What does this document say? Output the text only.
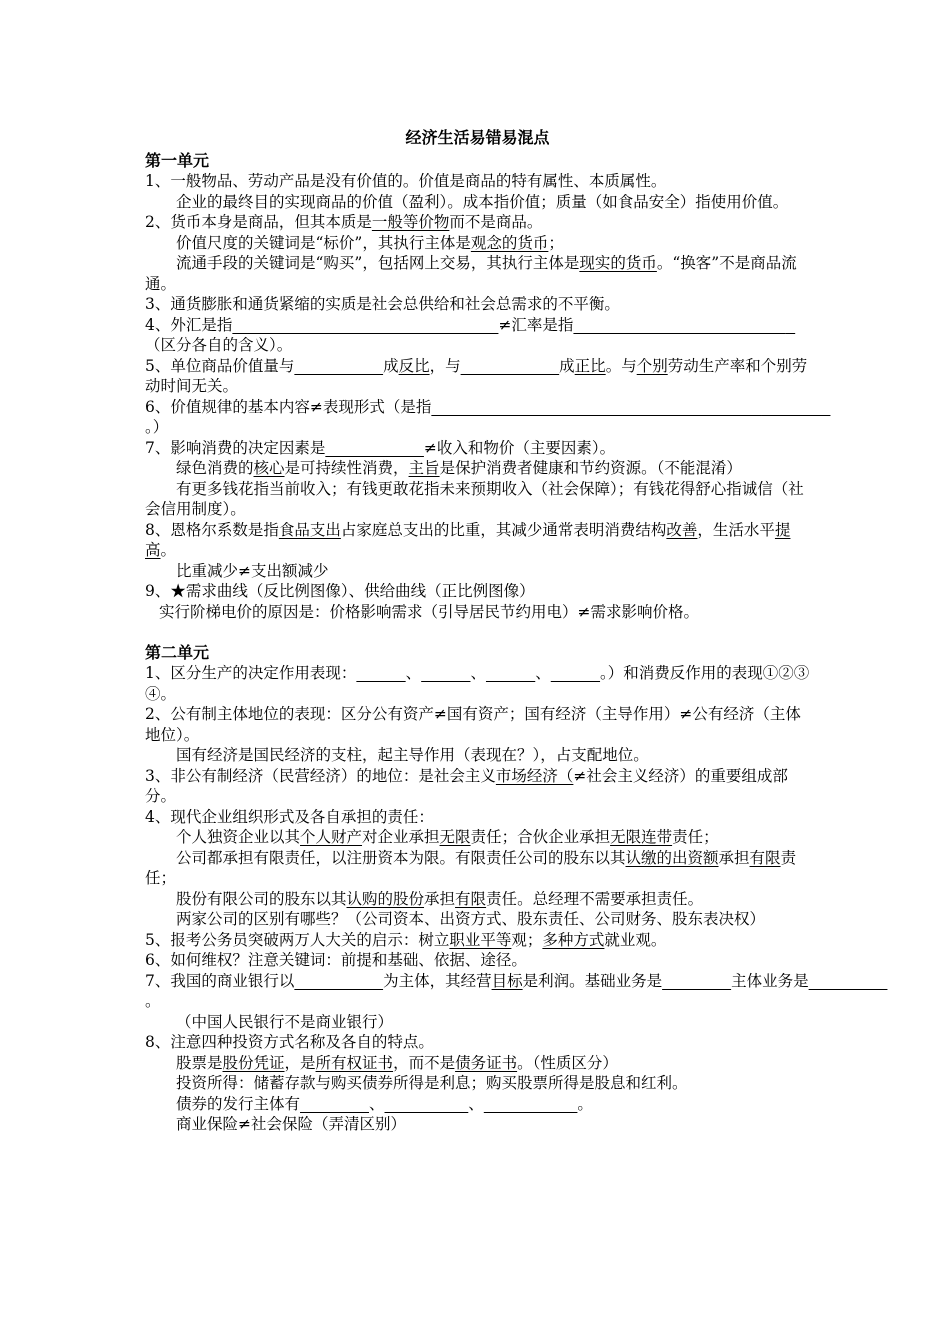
经济生活易错易混点
第一单元
1、一般物品、劳动产品是没有价值的。价值是商品的特有属性、本质属性。
企业的最终目的实现商品的价值（盈利）。成本指价值；质量（如食品安全）指使用价值。
2、货币本身是商品，但其本质是一般等价物而不是商品。
价值尺度的关键词是“标价”，其执行主体是观念的货币；
流通手段的关键词是“购买”，包括网上交易，其执行主体是现实的货币。“换客”不是商品流通。
3、通货膨胀和通货紧缩的实质是社会总供给和社会总需求的不平衡。
4、外汇是指	≠汇率是指                                             （区分各自的含义）。
5、单位商品价值量与	成反比，与	成正比。与个别劳动生产率和个别劳动时间无关。
6、价值规律的基本内容≠表现形式（是指                                                                                 。）
7、影响消费的决定因素是	≠收入和物价（主要因素）。
绿色消费的核心是可持续性消费，主旨是保护消费者健康和节约资源。（不能混淆）
有更多钱花指当前收入；有钱更敢花指未来预期收入（社会保障）；有钱花得舒心指诚信（社会信用制度）。
8、恩格尔系数是指食品支出占家庭总支出的比重，其减少通常表明消费结构改善，生活水平提高。
比重减少≠支出额减少
9、★需求曲线（反比例图像）、供给曲线（正比例图像）
实行阶梯电价的原因是：价格影响需求（引导居民节约用电）≠需求影响价格。
第二单元
1、区分生产的决定作用表现：	、	、	、	。）和消费反作用的表现①②③④。
2、公有制主体地位的表现：区分公有资产≠国有资产；国有经济（主导作用）≠公有经济（主体地位）。
国有经济是国民经济的支柱，起主导作用（表现在？），占支配地位。
3、非公有制经济（民营经济）的地位：是社会主义市场经济（≠社会主义经济）的重要组成部分。
4、现代企业组织形式及各自承担的责任：
个人独资企业以其个人财产对企业承担无限责任；合伙企业承担无限连带责任；
公司都承担有限责任，以注册资本为限。有限责任公司的股东以其认缴的出资额承担有限责任；
股份有限公司的股东以其认购的股份承担有限责任。总经理不需要承担责任。
两家公司的区别有哪些？（公司资本、出资方式、股东责任、公司财务、股东表决权）
5、报考公务员突破两万人大关的启示：树立职业平等观；多种方式就业观。
6、如何维权？注意关键词：前提和基础、依据、途径。
7、我国的商业银行以	为主体，其经营目标是利润。基础业务是	主体业务是                。
（中国人民银行不是商业银行）
8、注意四种投资方式名称及各自的特点。
股票是股份凭证，是所有权证书，而不是债务证书。（性质区分）
投资所得：储蓄存款与购买债券所得是利息；购买股票所得是股息和红利。
债券的发行主体有	、	、	。
商业保险≠社会保险（弄清区别）
